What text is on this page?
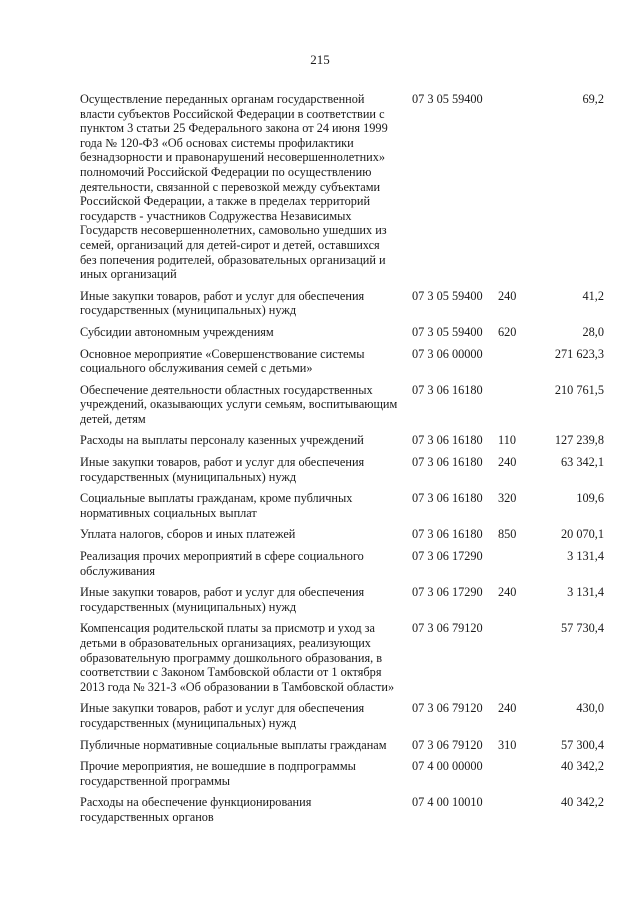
215
Осуществление переданных органам государственной власти субъектов Российской Федерации в соответствии с пунктом 3 статьи 25 Федерального закона от 24 июня 1999 года № 120-ФЗ «Об основах системы профилактики безнадзорности и правонарушений несовершеннолетних» полномочий Российской Федерации по осуществлению деятельности, связанной с перевозкой между субъектами Российской Федерации, а также в пределах территорий государств - участников Содружества Независимых Государств несовершеннолетних, самовольно ушедших из семей, организаций для детей-сирот и детей, оставшихся без попечения родителей, образовательных организаций и иных организаций
07 3 05 59400	69,2
Иные закупки товаров, работ и услуг для обеспечения государственных (муниципальных) нужд
07 3 05 59400 240	41,2
Субсидии автономным учреждениям	07 3 05 59400 620	28,0
Основное мероприятие «Совершенствование системы социального обслуживания семей с детьми»
07 3 06 00000	271 623,3
Обеспечение деятельности областных государственных учреждений, оказывающих услуги семьям, воспитывающим детей, детям
07 3 06 16180	210 761,5
Расходы на выплаты персоналу казенных учреждений	07 3 06 16180 110	127 239,8
Иные закупки товаров, работ и услуг для обеспечения государственных (муниципальных) нужд
07 3 06 16180 240	63 342,1
Социальные выплаты гражданам, кроме публичных нормативных социальных выплат
07 3 06 16180 320	109,6
Уплата налогов, сборов и иных платежей	07 3 06 16180 850	20 070,1
Реализация прочих мероприятий в сфере социального обслуживания
07 3 06 17290	3 131,4
Иные закупки товаров, работ и услуг для обеспечения государственных (муниципальных) нужд
07 3 06 17290 240	3 131,4
Компенсация родительской платы за присмотр и уход за детьми в образовательных организациях, реализующих образовательную программу дошкольного образования, в соответствии с Законом Тамбовской области от 1 октября 2013 года № 321-З «Об образовании в Тамбовской области»
07 3 06 79120	57 730,4
Иные закупки товаров, работ и услуг для обеспечения государственных (муниципальных) нужд
07 3 06 79120 240	430,0
Публичные нормативные социальные выплаты гражданам	07 3 06 79120 310	57 300,4
Прочие мероприятия, не вошедшие в подпрограммы государственной программы
07 4 00 00000	40 342,2
Расходы на обеспечение функционирования государственных органов
07 4 00 10010	40 342,2
